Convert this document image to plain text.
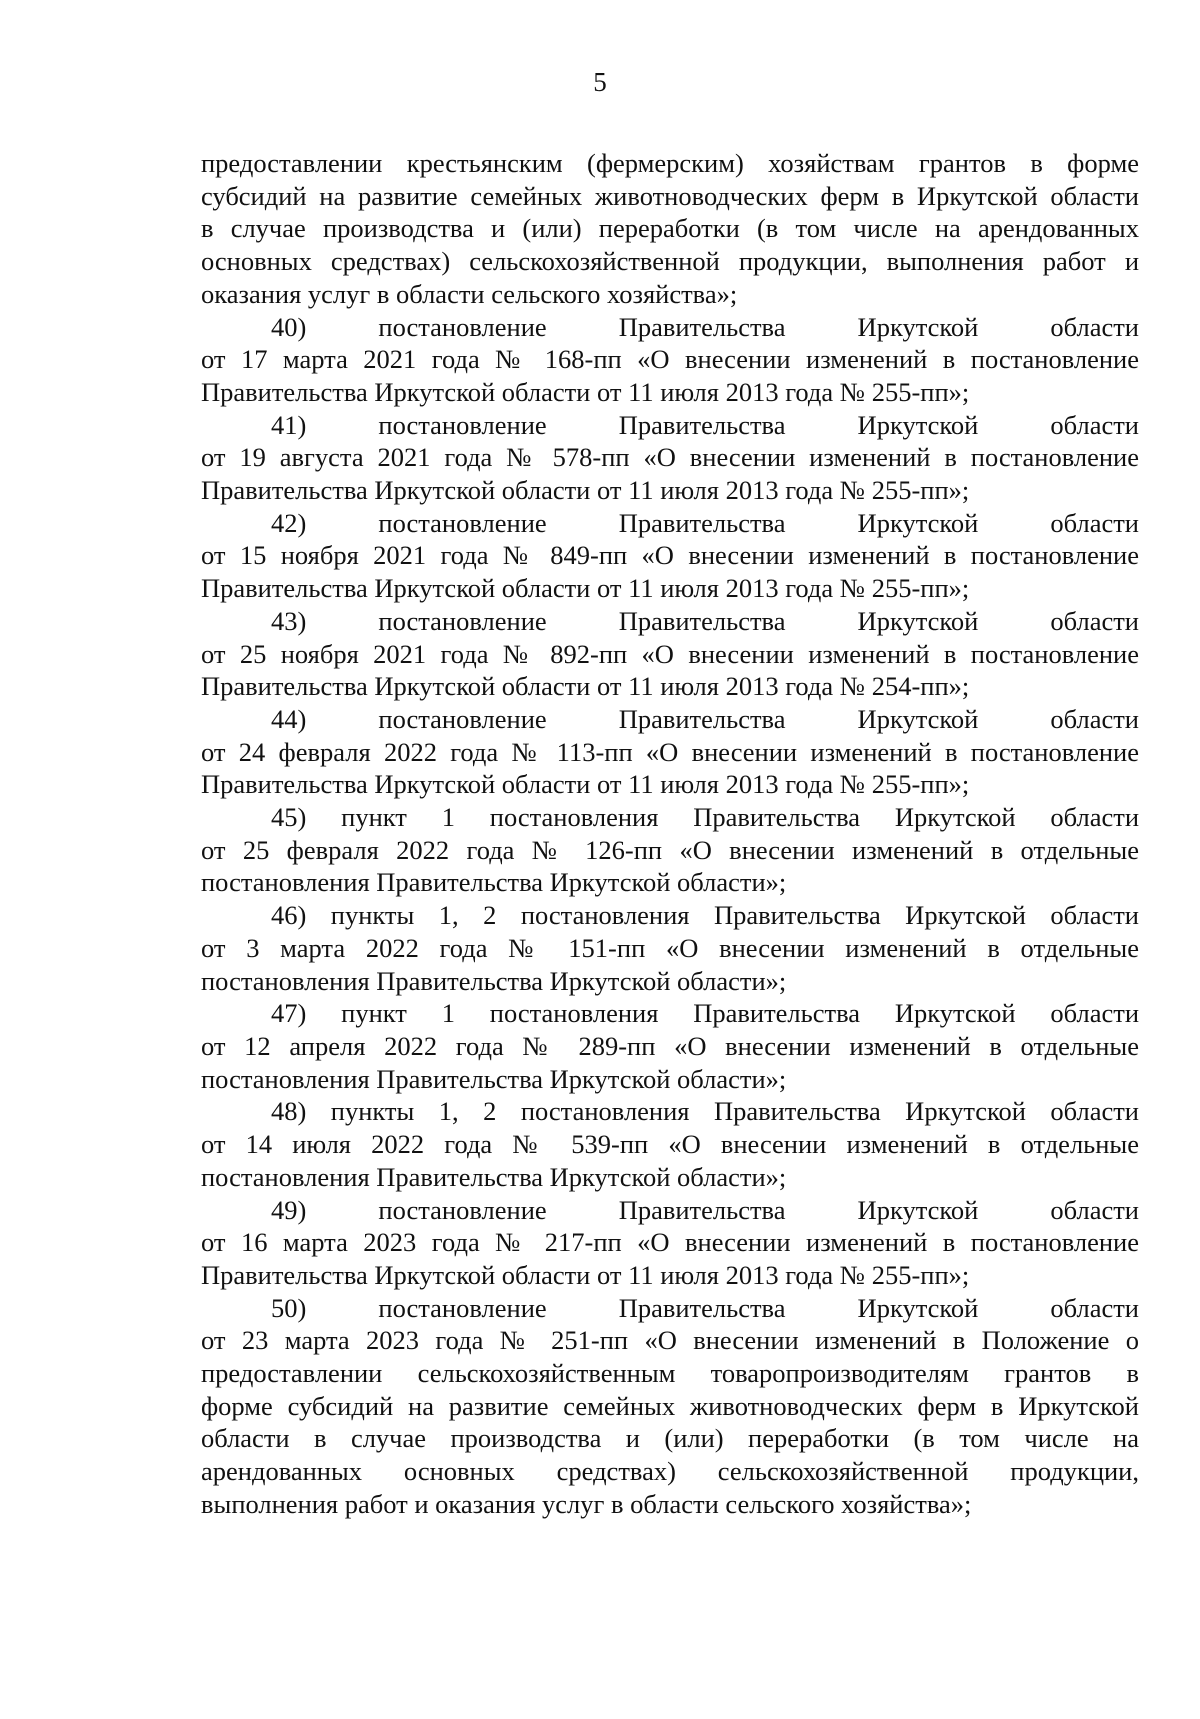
5

предоставлении крестьянским (фермерским) хозяйствам грантов в форме
субсидий на развитие семейных животноводческих ферм в Иркутской области
в случае производства и (или) переработки (в том числе на арендованных
основных средствах) сельскохозяйственной продукции, выполнения работ и
оказания услуг в области сельского хозяйства»;

40) постановление Правительства Иркутской области
от 17 марта 2021 года № 168-пп «О внесении изменений в постановление
Правительства Иркутской области от 11 июля 2013 года № 255-пп»;

41) постановление Правительства Иркутской области
от 19 августа 2021 года № 578-пп «О внесении изменений в постановление
Правительства Иркутской области от 11 июля 2013 года № 255-пп»;

42) постановление Правительства Иркутской области
от 15 ноября 2021 года № 849-пп «О внесении изменений в постановление
Правительства Иркутской области от 11 июля 2013 года № 255-пп»;

43) постановление Правительства Иркутской области
от 25 ноября 2021 года № 892-пп «О внесении изменений в постановление
Правительства Иркутской области от 11 июля 2013 года № 254-пп»;

44) постановление Правительства Иркутской области
от 24 февраля 2022 года № 113-пп «О внесении изменений в постановление
Правительства Иркутской области от 11 июля 2013 года № 255-пп»;

45) пункт 1 постановления Правительства Иркутской области
от 25 февраля 2022 года № 126-пп «О внесении изменений в отдельные
постановления Правительства Иркутской области»;

46) пункты 1, 2 постановления Правительства Иркутской области
от 3 марта 2022 года № 151-пп «О внесении изменений в отдельные
постановления Правительства Иркутской области»;

47) пункт 1 постановления Правительства Иркутской области
от 12 апреля 2022 года № 289-пп «О внесении изменений в отдельные
постановления Правительства Иркутской области»;

48) пункты 1, 2 постановления Правительства Иркутской области
от 14 июля 2022 года № 539-пп «О внесении изменений в отдельные
постановления Правительства Иркутской области»;

49) постановление Правительства Иркутской области
от 16 марта 2023 года № 217-пп «О внесении изменений в постановление
Правительства Иркутской области от 11 июля 2013 года № 255-пп»;

50) постановление Правительства Иркутской области
от 23 марта 2023 года № 251-пп «О внесении изменений в Положение о
предоставлении сельскохозяйственным товаропроизводителям грантов в
форме субсидий на развитие семейных животноводческих ферм в Иркутской
области в случае производства и (или) переработки (в том числе на
арендованных основных средствах) сельскохозяйственной продукции,
выполнения работ и оказания услуг в области сельского хозяйства»;
